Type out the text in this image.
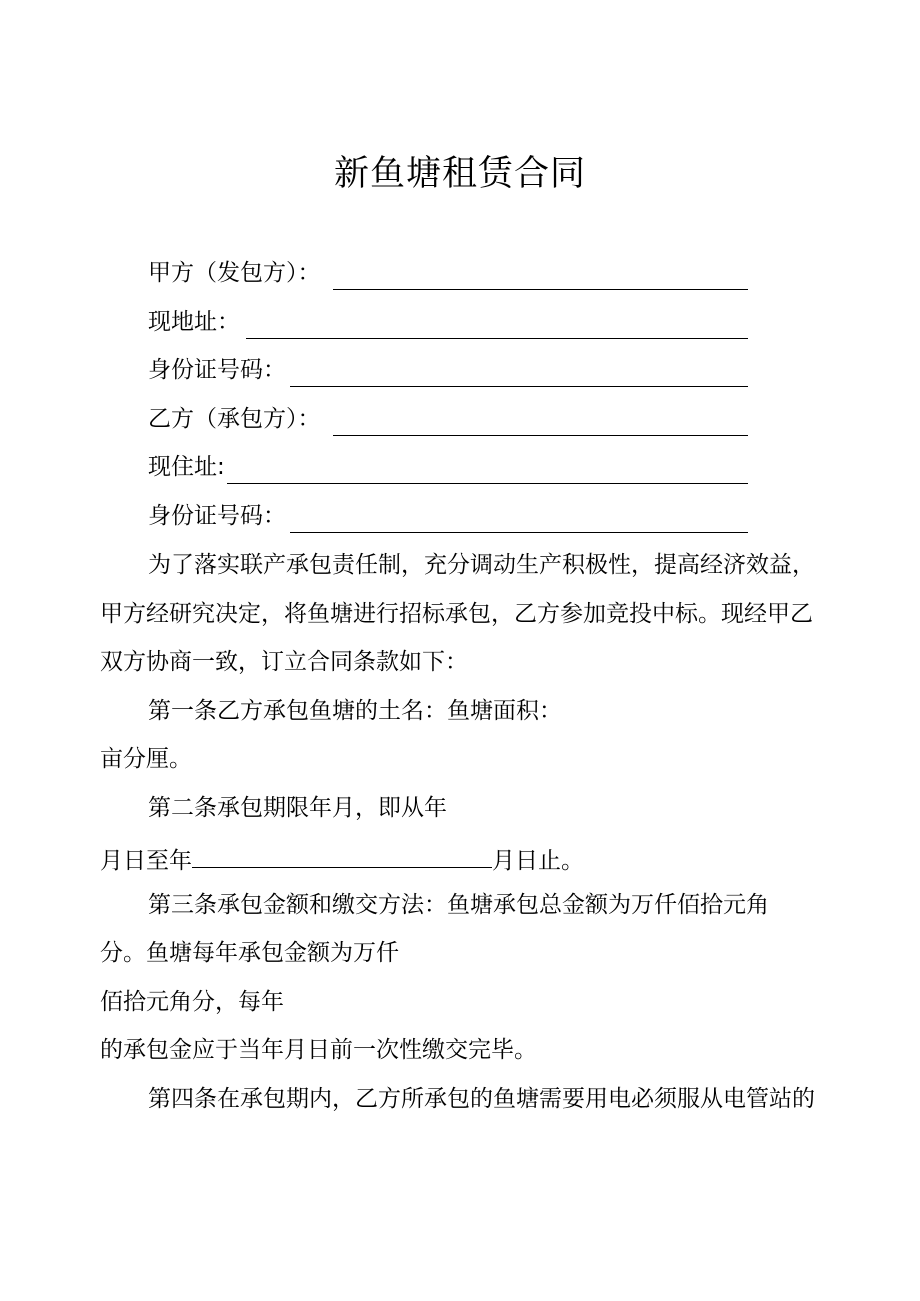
新鱼塘租赁合同
甲方（发包方）：
现地址：
身份证号码：
乙方（承包方）：
现住址:
身份证号码：
为了落实联产承包责任制，充分调动生产积极性，提高经济效益，
甲方经研究决定，将鱼塘进行招标承包，乙方参加竞投中标。现经甲乙
双方协商一致，订立合同条款如下：
第一条乙方承包鱼塘的土名：鱼塘面积：
亩分厘。
第二条承包期限年月，即从年
月日至年	月日止。
第三条承包金额和缴交方法：鱼塘承包总金额为万仟佰拾元角
分。鱼塘每年承包金额为万仟
佰拾元角分，每年
的承包金应于当年月日前一次性缴交完毕。
第四条在承包期内，乙方所承包的鱼塘需要用电必须服从电管站的
